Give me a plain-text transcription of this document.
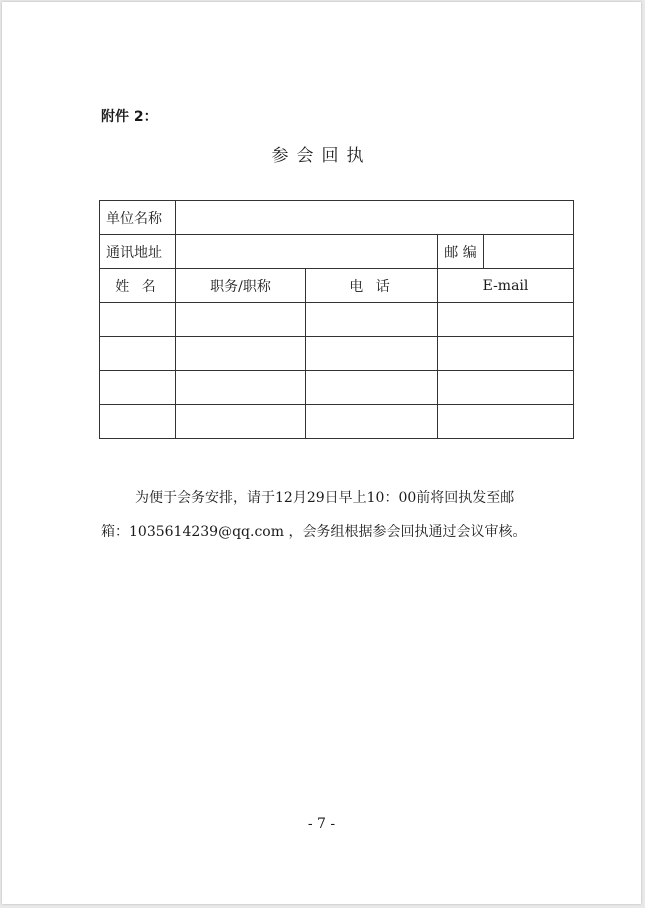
附件 2：
参会回执
单位名称				
通讯地址			邮 编	
姓 名	职务/职称	电 话	E-mail	

为便于会务安排，请于12月29日早上10：00前将回执发至邮
箱：1035614239@qq.com ，会务组根据参会回执通过会议审核。
- 7 -
